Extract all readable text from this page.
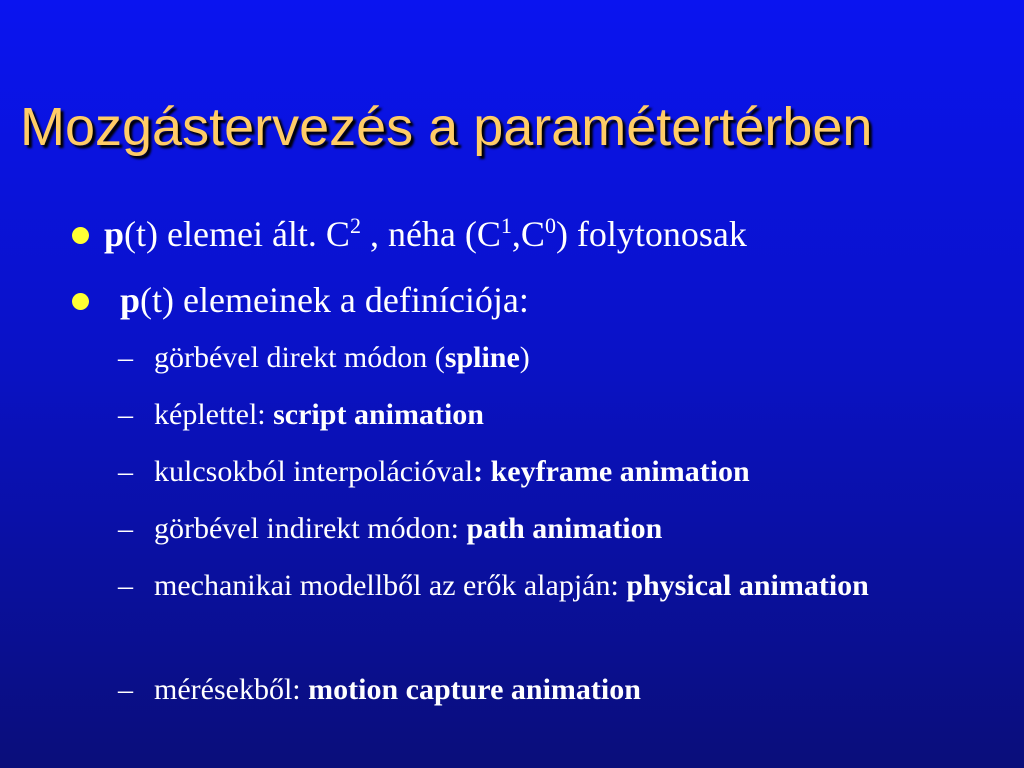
Mozgástervezés a paramétertérben
p(t) elemei ált. $C^2$ , néha $(C^1,C^0)$ folytonosak
p(t) elemeinek a definíciója:
– görbével direkt módon (spline)
– képlettel: script animation
– kulcsokból interpolációval: keyframe animation
– görbével indirekt módon: path animation
– mechanikai modellből az erők alapján: physical animation
– mérésekből: motion capture animation
